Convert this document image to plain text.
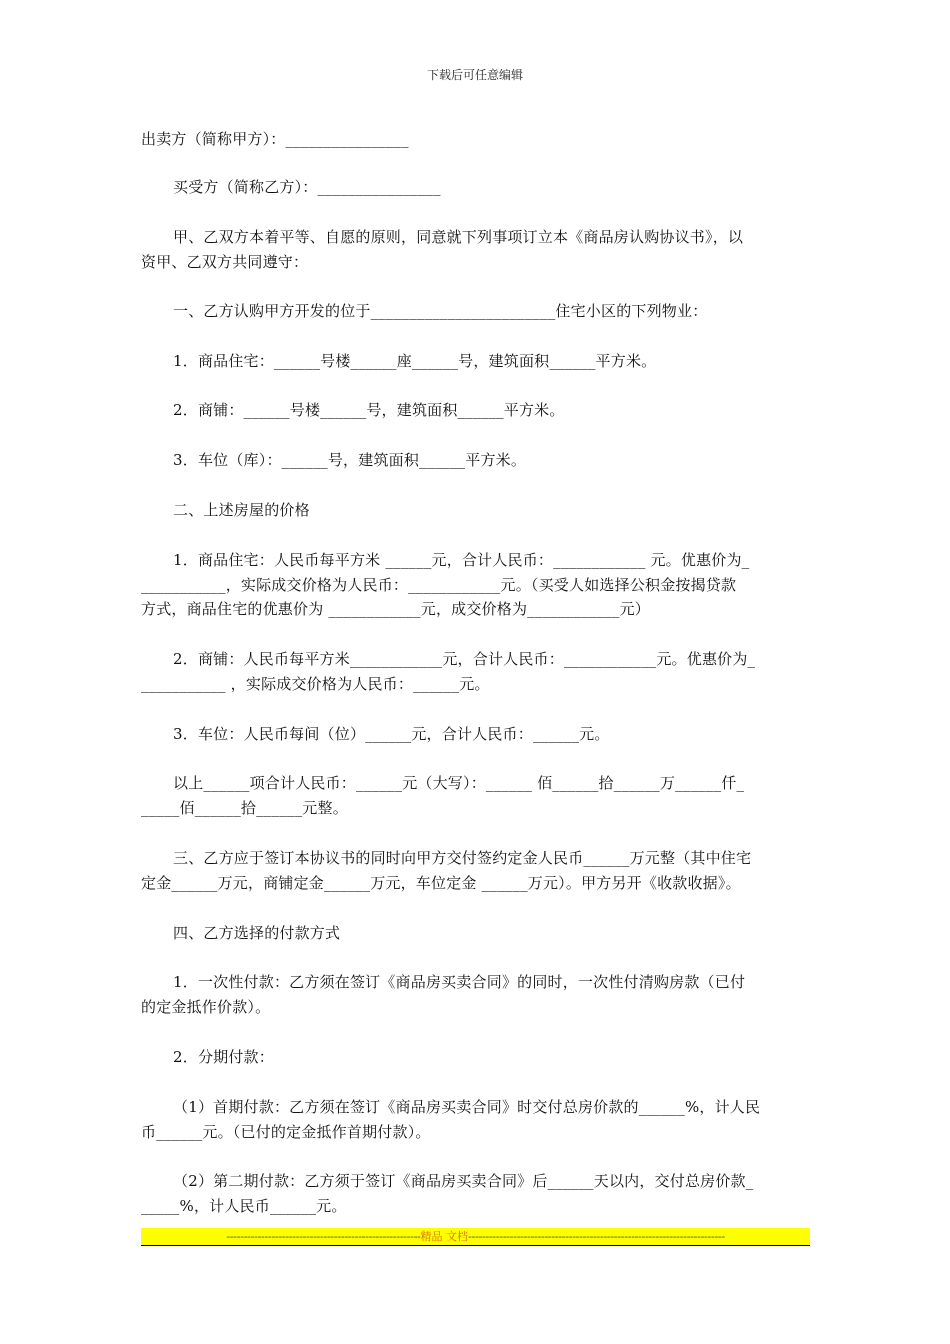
下载后可任意编辑
出卖方（简称甲方）：________________
买受方（简称乙方）：________________
甲、乙双方本着平等、自愿的原则，同意就下列事项订立本《商品房认购协议书》，以
资甲、乙双方共同遵守：
一、乙方认购甲方开发的位于________________________住宅小区的下列物业：
1．商品住宅：______号楼______座______号，建筑面积______平方米。
2．商铺：______号楼______号，建筑面积______平方米。
3．车位（库）：______号，建筑面积______平方米。
二、上述房屋的价格
1．商品住宅：人民币每平方米 ______元，合计人民币：____________ 元。优惠价为_
___________，实际成交价格为人民币：____________元。（买受人如选择公积金按揭贷款
方式，商品住宅的优惠价为 ____________元，成交价格为____________元）
2．商铺：人民币每平方米____________元，合计人民币：____________元。优惠价为_
___________ ，实际成交价格为人民币：______元。
3．车位：人民币每间（位）______元，合计人民币：______元。
以上______项合计人民币：______元（大写）：______ 佰______拾______万______仟_
_____佰______拾______元整。
三、乙方应于签订本协议书的同时向甲方交付签约定金人民币______万元整（其中住宅
定金______万元，商铺定金______万元，车位定金 ______万元）。甲方另开《收款收据》。
四、乙方选择的付款方式
1．一次性付款：乙方须在签订《商品房买卖合同》的同时，一次性付清购房款（已付
的定金抵作价款）。
2．分期付款：
（1）首期付款：乙方须在签订《商品房买卖合同》时交付总房价款的______%，计人民
币______元。（已付的定金抵作首期付款）。
（2）第二期付款：乙方须于签订《商品房买卖合同》后______天以内，交付总房价款_
_____%，计人民币______元。
--------------------------------------------------------精品 文档--------------------------------------------------------------------------
